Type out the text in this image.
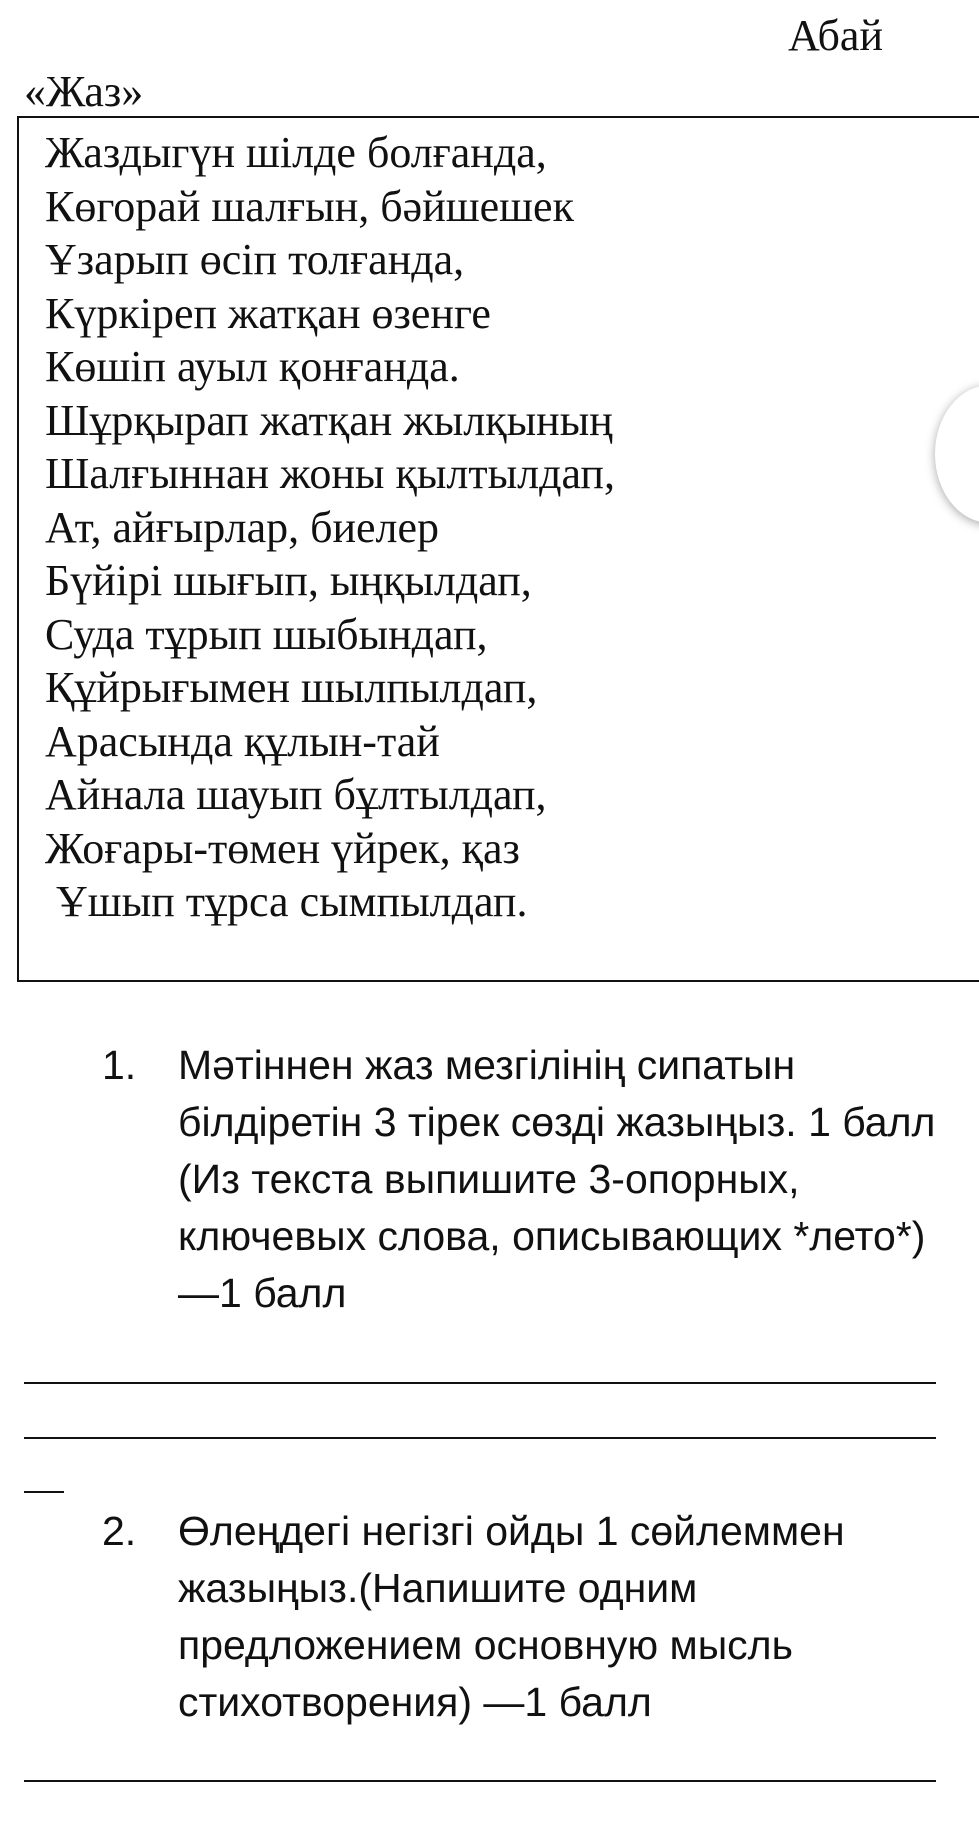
Абай
«Жаз»
Жаздыгүн шілде болғанда,
Көгорай шалғын, бәйшешек
Ұзарып өсіп толғанда,
Күркіреп жатқан өзенге
Көшіп ауыл қонғанда.
Шұрқырап жатқан жылқының
Шалғыннан жоны қылтылдап,
Ат, айғырлар, биелер
Бүйірі шығып, ыңқылдап,
Суда тұрып шыбындап,
Құйрығымен шылпылдап,
Арасында құлын-тай
Айнала шауып бұлтылдап,
Жоғары-төмен үйрек, қаз
Ұшып тұрса сымпылдап.
1.	Мәтіннен жаз мезгілінің сипатын білдіретін 3 тірек сөзді жазыңыз. 1 балл (Из текста выпишите 3-опорных, ключевых слова, описывающих *лето*) —1 балл
2.	Өлеңдегі негізгі ойды 1 сөйлеммен жазыңыз.(Напишите одним предложением основную мысль стихотворения) —1 балл
